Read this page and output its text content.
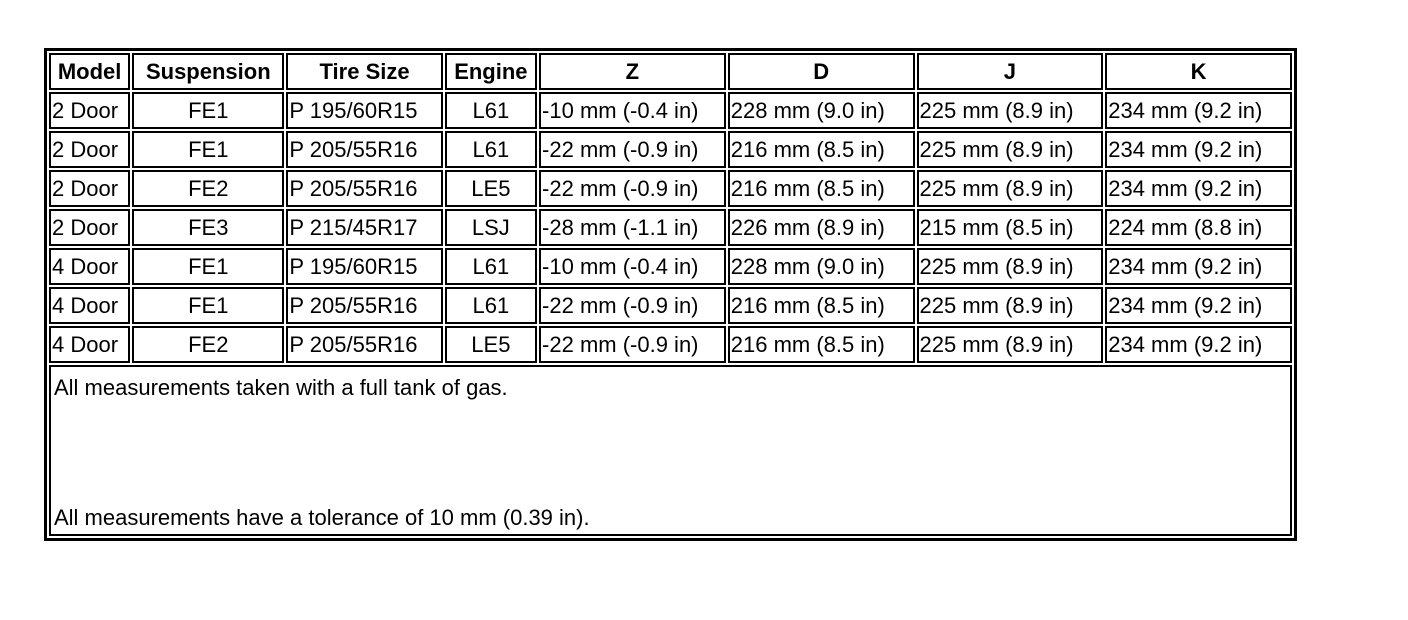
Model	Suspension	Tire Size	Engine	Z	D	J	K
2 Door	FE1	P 195/60R15	L61	-10 mm (-0.4 in)	228 mm (9.0 in)	225 mm (8.9 in)	234 mm (9.2 in)
2 Door	FE1	P 205/55R16	L61	-22 mm (-0.9 in)	216 mm (8.5 in)	225 mm (8.9 in)	234 mm (9.2 in)
2 Door	FE2	P 205/55R16	LE5	-22 mm (-0.9 in)	216 mm (8.5 in)	225 mm (8.9 in)	234 mm (9.2 in)
2 Door	FE3	P 215/45R17	LSJ	-28 mm (-1.1 in)	226 mm (8.9 in)	215 mm (8.5 in)	224 mm (8.8 in)
4 Door	FE1	P 195/60R15	L61	-10 mm (-0.4 in)	228 mm (9.0 in)	225 mm (8.9 in)	234 mm (9.2 in)
4 Door	FE1	P 205/55R16	L61	-22 mm (-0.9 in)	216 mm (8.5 in)	225 mm (8.9 in)	234 mm (9.2 in)
4 Door	FE2	P 205/55R16	LE5	-22 mm (-0.9 in)	216 mm (8.5 in)	225 mm (8.9 in)	234 mm (9.2 in)

All measurements taken with a full tank of gas.
All measurements have a tolerance of 10 mm (0.39 in).							
